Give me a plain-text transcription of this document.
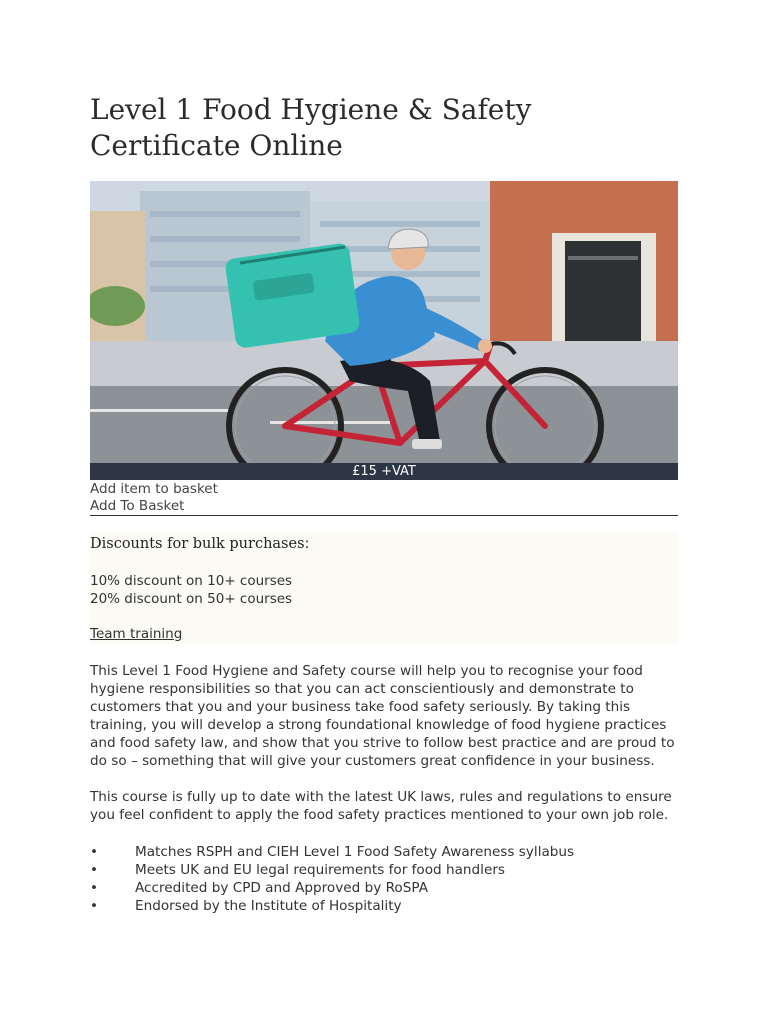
Level 1 Food Hygiene & Safety Certificate Online
£15 +VAT
Add item to basket
Add To Basket
Discounts for bulk purchases:
10% discount on 10+ courses
20% discount on 50+ courses
Team training

This Level 1 Food Hygiene and Safety course will help you to recognise your food hygiene responsibilities so that you can act conscientiously and demonstrate to customers that you and your business take food safety seriously. By taking this training, you will develop a strong foundational knowledge of food hygiene practices and food safety law, and show that you strive to follow best practice and are proud to do so – something that will give your customers great confidence in your business.

This course is fully up to date with the latest UK laws, rules and regulations to ensure you feel confident to apply the food safety practices mentioned to your own job role.

•	Matches RSPH and CIEH Level 1 Food Safety Awareness syllabus
•	Meets UK and EU legal requirements for food handlers
•	Accredited by CPD and Approved by RoSPA
•	Endorsed by the Institute of Hospitality
